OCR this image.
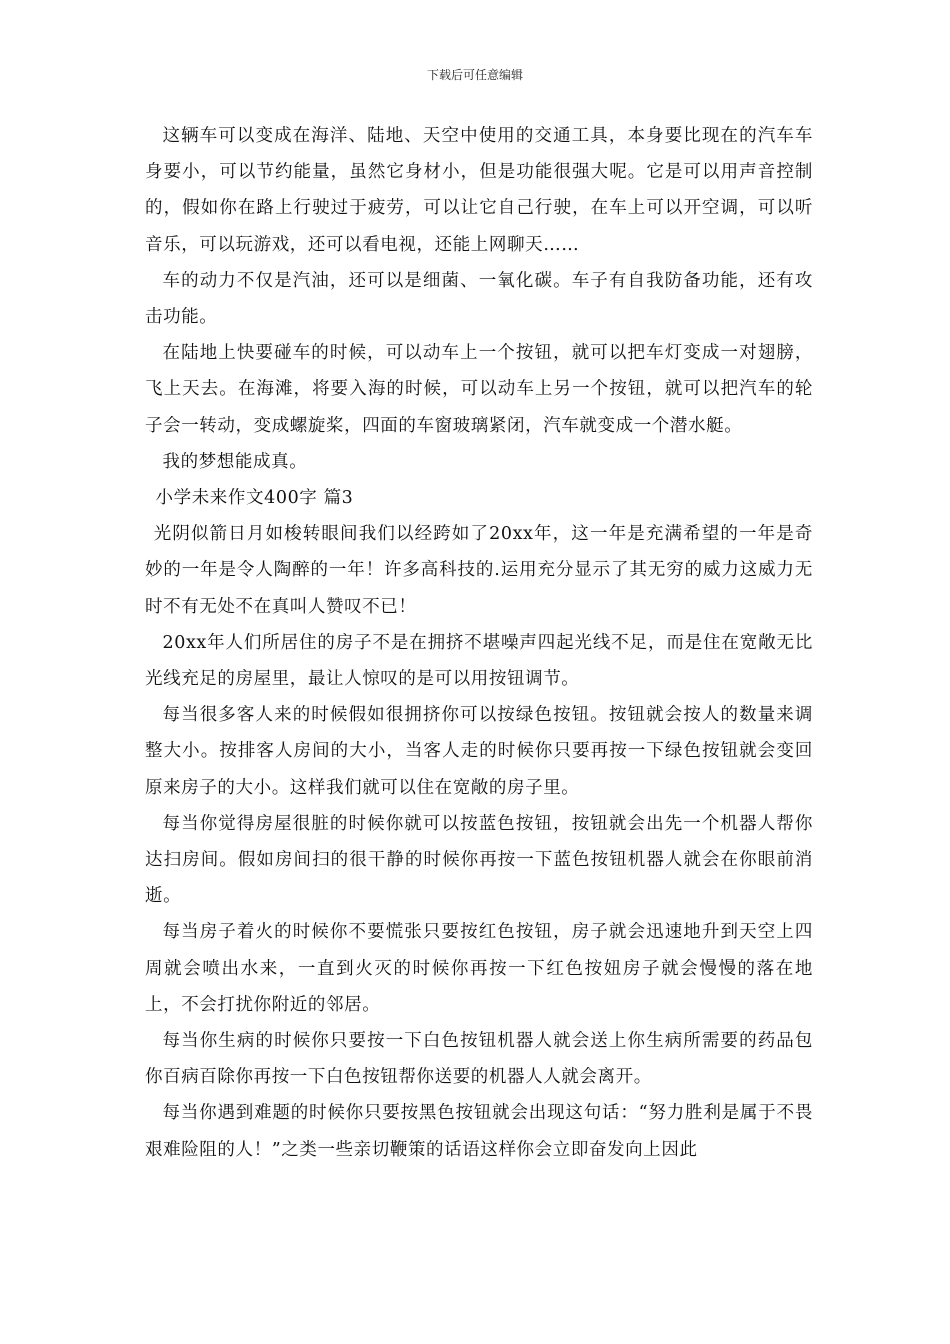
下载后可任意编辑

这辆车可以变成在海洋、陆地、天空中使用的交通工具，本身要比现在的汽车车身要小，可以节约能量，虽然它身材小，但是功能很强大呢。它是可以用声音控制的，假如你在路上行驶过于疲劳，可以让它自己行驶，在车上可以开空调，可以听音乐，可以玩游戏，还可以看电视，还能上网聊天……

车的动力不仅是汽油，还可以是细菌、一氧化碳。车子有自我防备功能，还有攻击功能。

在陆地上快要碰车的时候，可以动车上一个按钮，就可以把车灯变成一对翅膀，飞上天去。在海滩，将要入海的时候，可以动车上另一个按钮，就可以把汽车的轮子会一转动，变成螺旋桨，四面的车窗玻璃紧闭，汽车就变成一个潜水艇。

我的梦想能成真。

小学未来作文400字 篇3

光阴似箭日月如梭转眼间我们以经跨如了20xx年，这一年是充满希望的一年是奇妙的一年是令人陶醉的一年！许多高科技的.运用充分显示了其无穷的威力这威力无时不有无处不在真叫人赞叹不已！

20xx年人们所居住的房子不是在拥挤不堪噪声四起光线不足，而是住在宽敞无比光线充足的房屋里，最让人惊叹的是可以用按钮调节。

每当很多客人来的时候假如很拥挤你可以按绿色按钮。按钮就会按人的数量来调整大小。按排客人房间的大小，当客人走的时候你只要再按一下绿色按钮就会变回原来房子的大小。这样我们就可以住在宽敞的房子里。

每当你觉得房屋很脏的时候你就可以按蓝色按钮，按钮就会出先一个机器人帮你达扫房间。假如房间扫的很干静的时候你再按一下蓝色按钮机器人就会在你眼前消逝。

每当房子着火的时候你不要慌张只要按红色按钮，房子就会迅速地升到天空上四周就会喷出水来，一直到火灭的时候你再按一下红色按妞房子就会慢慢的落在地上，不会打扰你附近的邻居。

每当你生病的时候你只要按一下白色按钮机器人就会送上你生病所需要的药品包你百病百除你再按一下白色按钮帮你送要的机器人人就会离开。

每当你遇到难题的时候你只要按黑色按钮就会出现这句话：“努力胜利是属于不畏艰难险阻的人！”之类一些亲切鞭策的话语这样你会立即奋发向上因此
